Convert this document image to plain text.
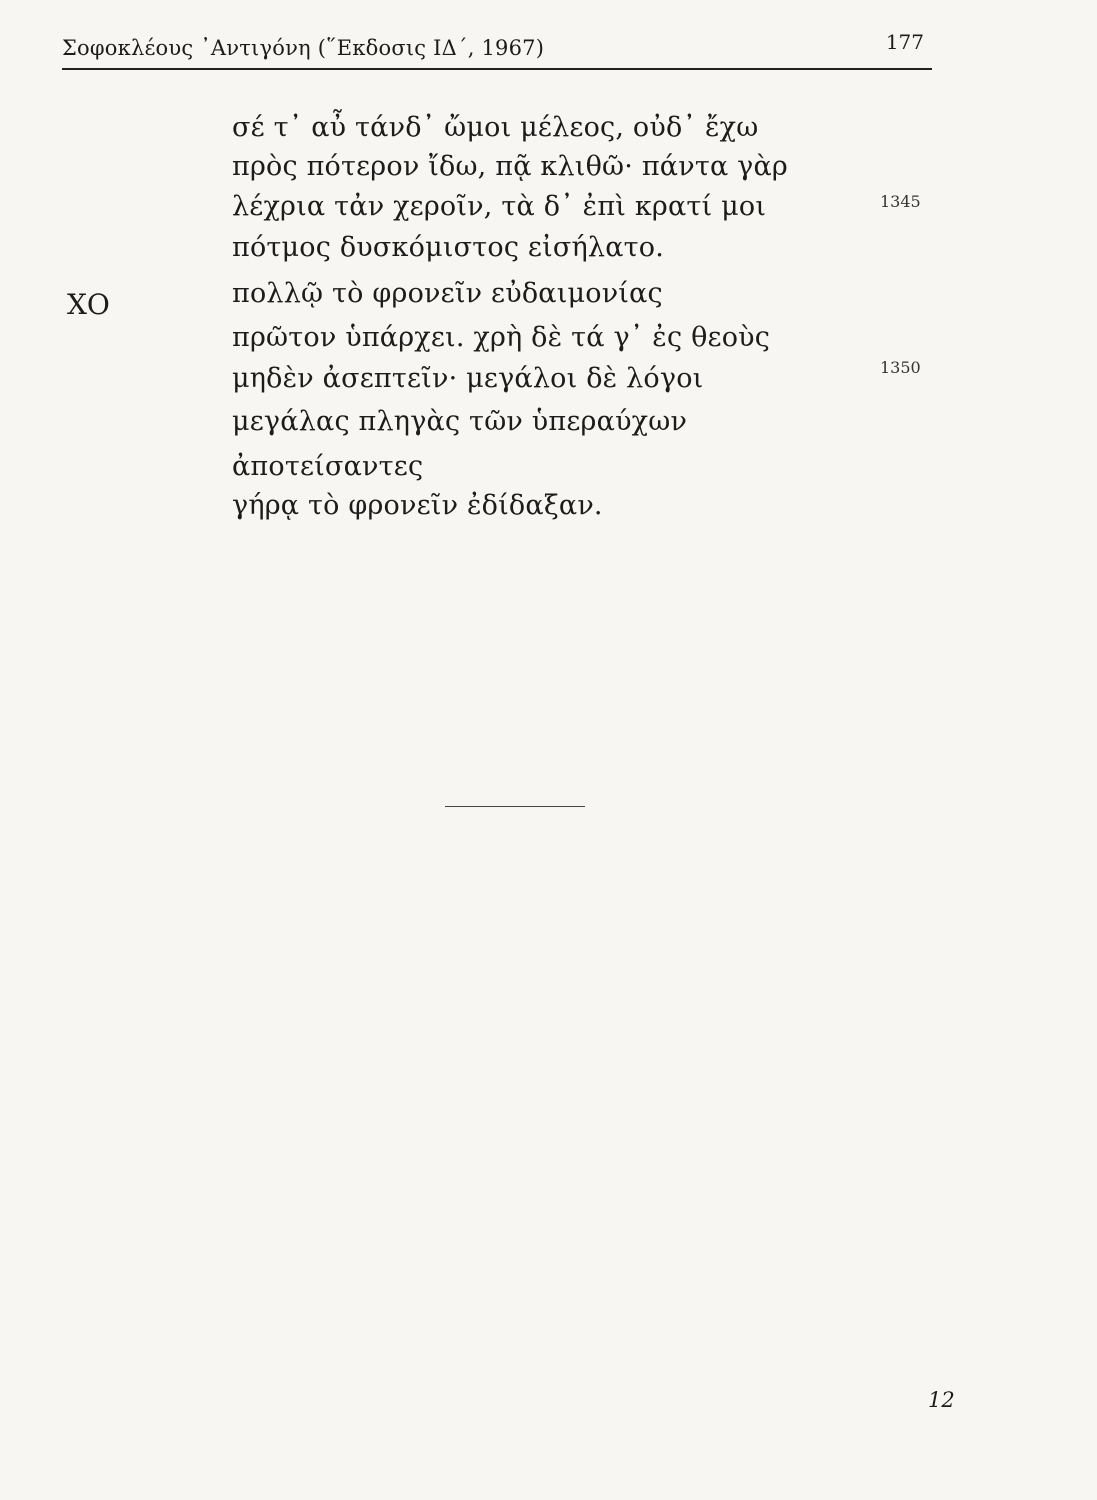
Σοφοκλέους ᾽Αντιγόνη (῞Εκδοσις ΙΔ΄, 1967)	177
ΧΟ
σέ τ᾽ αὖ τάνδ᾽ ὤμοι μέλεος, οὐδ᾽ ἔχω
πρὸς πότερον ἴδω, πᾷ κλιθῶ· πάντα γὰρ
λέχρια τἀν χεροῖν, τὰ δ᾽ ἐπὶ κρατί μοι
πότμος δυσκόμιστος εἰσήλατο.
πολλῷ τὸ φρονεῖν εὐδαιμονίας
πρῶτον ὑπάρχει. χρὴ δὲ τά γ᾽ ἐς θεοὺς
μηδὲν ἀσεπτεῖν· μεγάλοι δὲ λόγοι
μεγάλας πληγὰς τῶν ὑπεραύχων
ἀποτείσαντες
γήρᾳ τὸ φρονεῖν ἐδίδαξαν.
1345
1350
12
